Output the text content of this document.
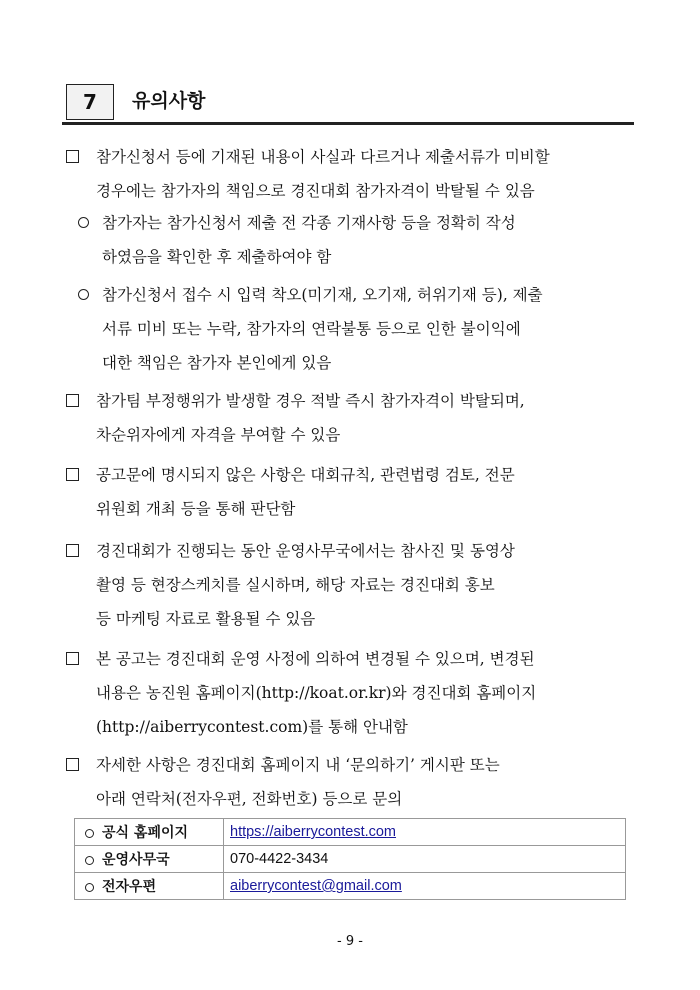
7	유의사항
참가신청서 등에 기재된 내용이 사실과 다르거나 제출서류가 미비할
경우에는 참가자의 책임으로 경진대회 참가자격이 박탈될 수 있음
참가자는 참가신청서 제출 전 각종 기재사항 등을 정확히 작성
하였음을 확인한 후 제출하여야 함
참가신청서 접수 시 입력 착오(미기재, 오기재, 허위기재 등), 제출
서류 미비 또는 누락, 참가자의 연락불통 등으로 인한 불이익에
대한 책임은 참가자 본인에게 있음
참가팀 부정행위가 발생할 경우 적발 즉시 참가자격이 박탈되며,
차순위자에게 자격을 부여할 수 있음
공고문에 명시되지 않은 사항은 대회규칙, 관련법령 검토, 전문
위원회 개최 등을 통해 판단함
경진대회가 진행되는 동안 운영사무국에서는 참사진 및 동영상
촬영 등 현장스케치를 실시하며, 해당 자료는 경진대회 홍보
등 마케팅 자료로 활용될 수 있음
본 공고는 경진대회 운영 사정에 의하여 변경될 수 있으며, 변경된
내용은 농진원 홈페이지(http://koat.or.kr)와 경진대회 홈페이지
(http://aiberrycontest.com)를 통해 안내함
자세한 사항은 경진대회 홈페이지 내 ‘문의하기’ 게시판 또는
아래 연락처(전자우편, 전화번호) 등으로 문의
공식 홈페이지	https://aiberrycontest.com
운영사무국	070-4422-3434
전자우편	aiberrycontest@gmail.com
- 9 -
